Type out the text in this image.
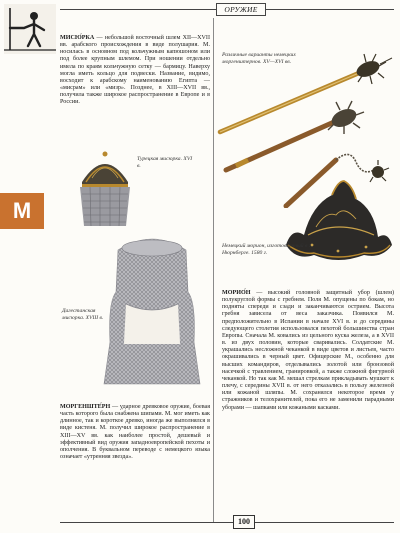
ОРУЖИЕ
М
МИСЮ́РКА — небольшой восточный шлем XII—XVII вв. арабского происхождения в виде полушария. М. носилась в основном под кольчужным капюшоном или под более крупным шлемом. При ношении отдельно имела по краям кольчужную сетку — бармицу. Наверху могла иметь кольцо для подвески. Название, видимо, восходит к арабскому наименованию Египта — «мисрам» или «мизр». Позднее, в XIII—XVII вв., получила также широкое распространение в Европе и в России.
Турецкая мисюрка. XVI в.
Дагестанская мисюрка. XVIII в.
МОРГЕНШТЕ́РН — ударное древковое оружие, боевая часть которого была снабжена шипами. М. мог иметь как длинное, так и короткое древко, иногда же выполнялся в виде кистеня. М. получил широкое распространение в XIII—XV вв. как наиболее простой, дешевый и эффективный вид оружия западноевропейской пехоты и ополчения. В буквальном переводе с немецкого языка означает «утренняя звезда».
Различные варианты немецких моргенштернов. XV—XVI вв.
Немецкий морион, изготовленный в г. Нюрнберге. 1580 г.
МОРИО́Н — высокий головной защитный убор (шлем) полукруглой формы с гребнем. Поля М. опущены по бокам, но подняты спереди и сзади и заканчиваются острием. Высота гребня зависела от веса заказчика. Появился М. предположительно в Испании в начале XVI в. и до середины следующего столетия использовался пехотой большинства стран Европы. Сначала М. ковались из цельного куска железа, а в XVII в. из двух половин, которые сваривались. Солдатские М. украшались несложной чеканкой в виде цветов и листьев, часто окрашивались в черный цвет. Офицерские М., особенно для высших командиров, отделывались золотой или бронзовой насечкой с травлением, гранировкой, а также сложной фигурной чеканкой. Но так как М. мешал стрелкам прикладывать мушкет к плечу, с середины XVII в. от него отказались в пользу железной или кожаной шляпы. М. сохранялся некоторое время у стражников и телохранителей, пока его не заменили парадными уборами — шапками или кожаными касками.
100
